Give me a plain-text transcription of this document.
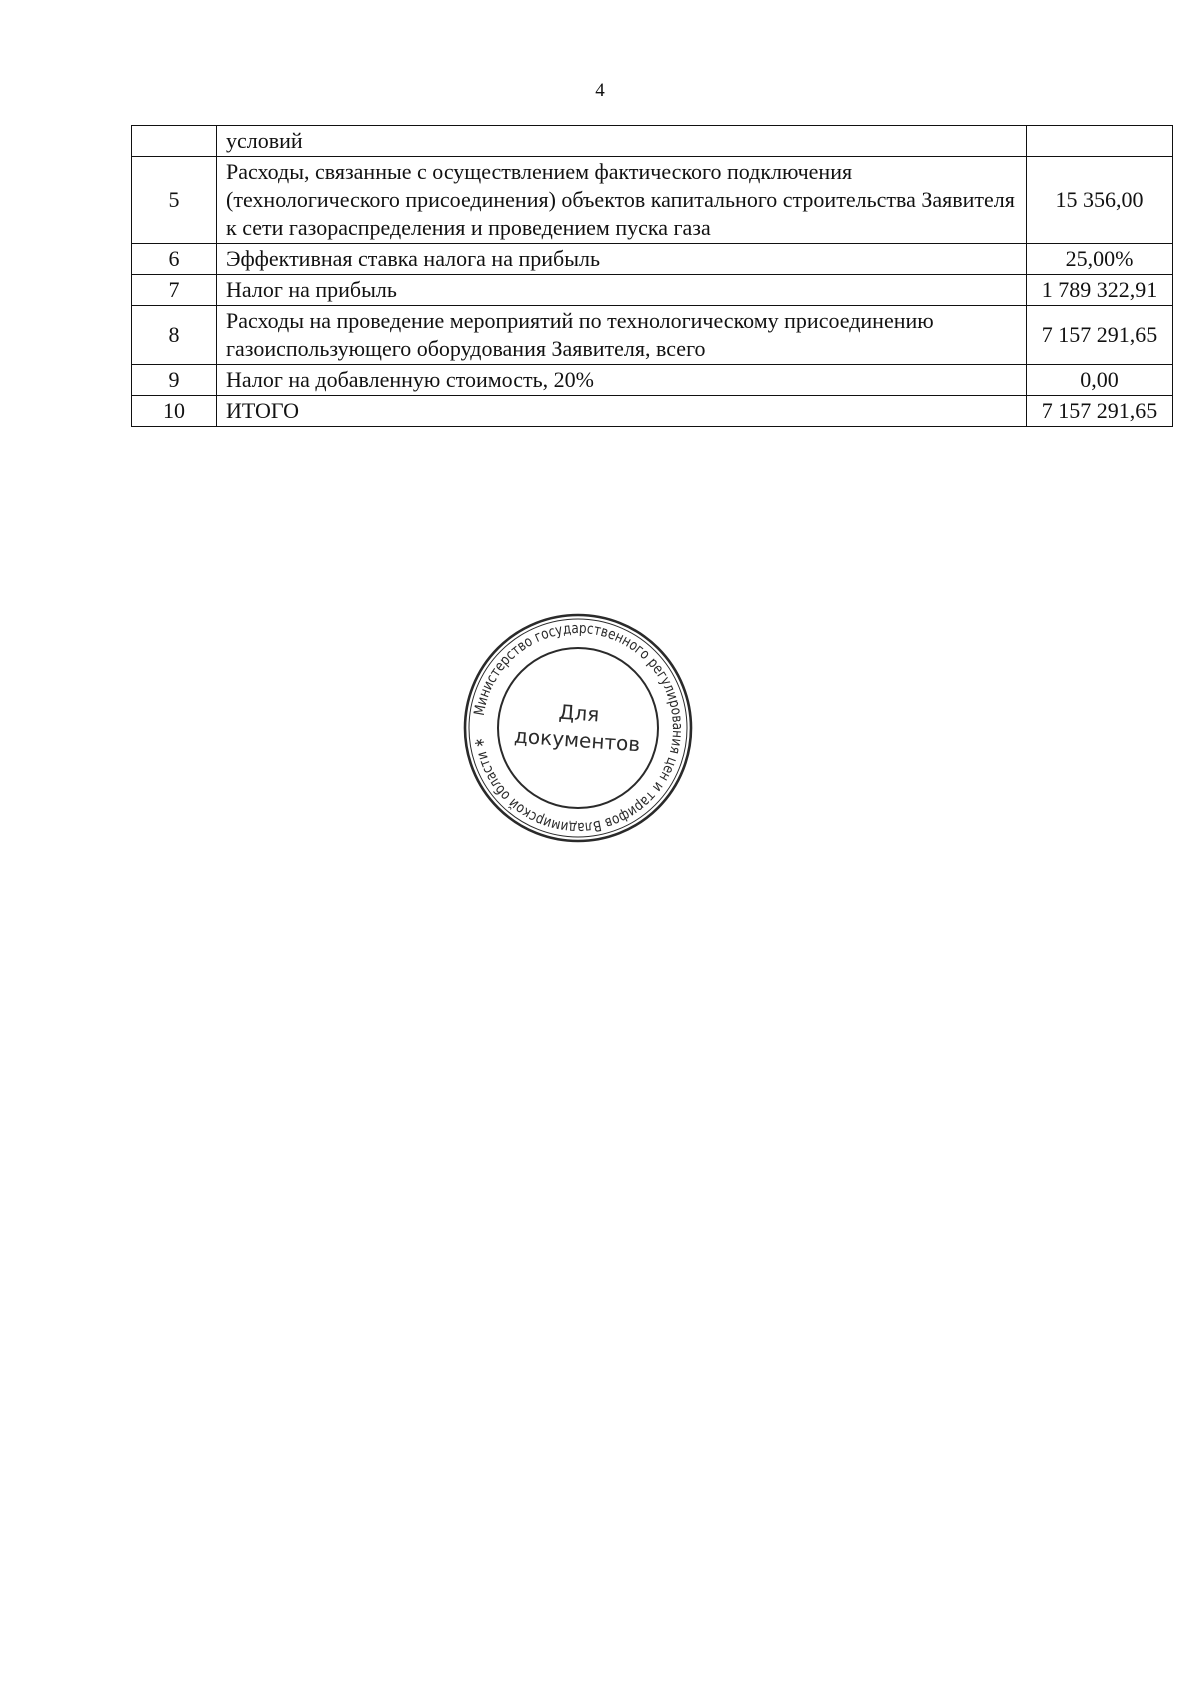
4
	условий	
5	Расходы, связанные с осуществлением фактического подключения (технологического присоединения) объектов капитального строительства Заявителя к сети газораспределения и проведением пуска газа	15 356,00
6	Эффективная ставка налога на прибыль	25,00%
7	Налог на прибыль	1 789 322,91
8	Расходы на проведение мероприятий по технологическому присоединению газоиспользующего оборудования Заявителя, всего	7 157 291,65
9	Налог на добавленную стоимость, 20%	0,00
10	ИТОГО	7 157 291,65
Министерство государственного регулирования цен и тарифов Владимирской области ∗
Для
документов
